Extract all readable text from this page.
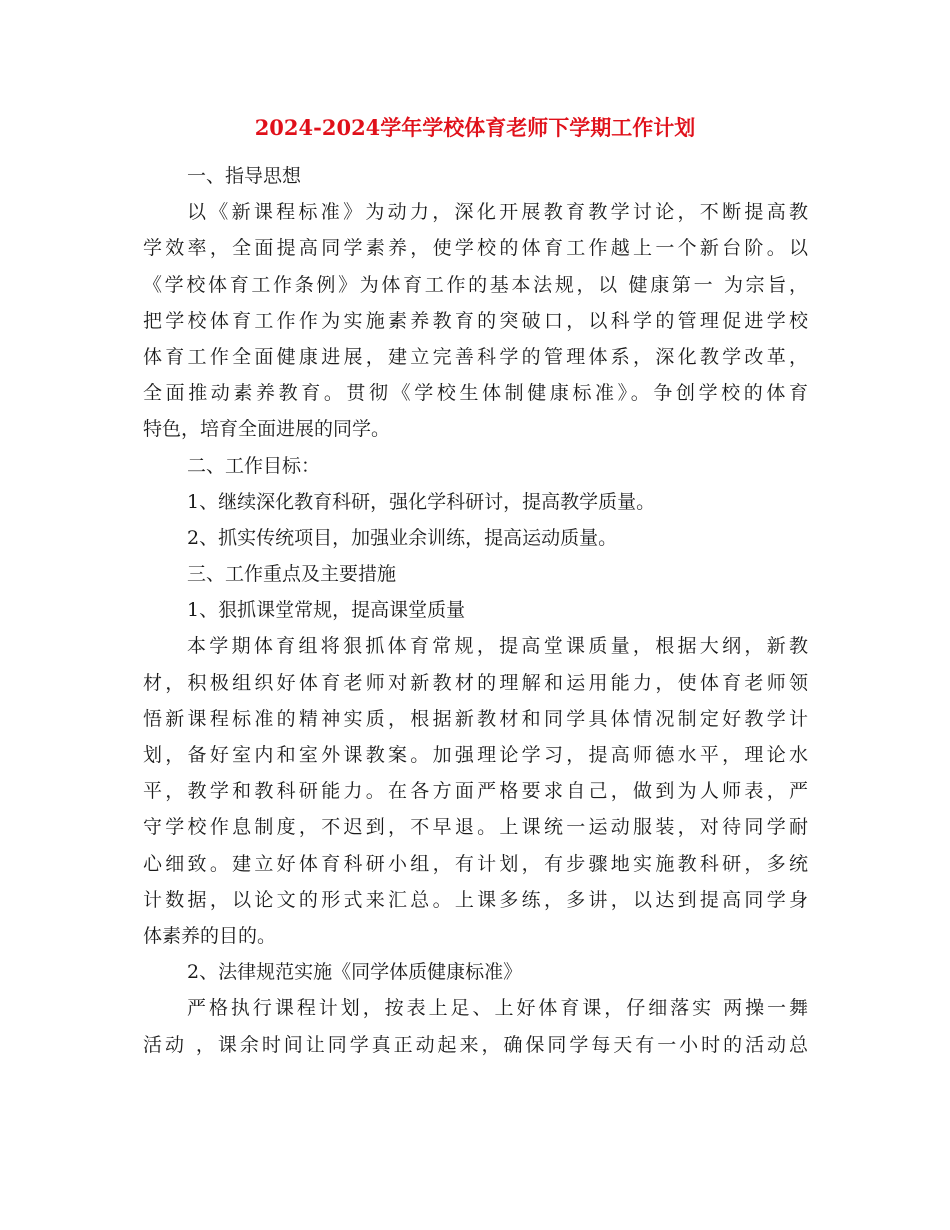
2024-2024学年学校体育老师下学期工作计划
一、指导思想
以《新课程标准》为动力，深化开展教育教学讨论，不断提高教
学效率，全面提高同学素养，使学校的体育工作越上一个新台阶。以
《学校体育工作条例》为体育工作的基本法规，以 健康第一 为宗旨，
把学校体育工作作为实施素养教育的突破口，以科学的管理促进学校
体育工作全面健康进展，建立完善科学的管理体系，深化教学改革，
全面推动素养教育。贯彻《学校生体制健康标准》。争创学校的体育
特色，培育全面进展的同学。
二、工作目标：
1、继续深化教育科研，强化学科研讨，提高教学质量。
2、抓实传统项目，加强业余训练，提高运动质量。
三、工作重点及主要措施
1、狠抓课堂常规，提高课堂质量
本学期体育组将狠抓体育常规，提高堂课质量，根据大纲，新教
材，积极组织好体育老师对新教材的理解和运用能力，使体育老师领
悟新课程标准的精神实质，根据新教材和同学具体情况制定好教学计
划，备好室内和室外课教案。加强理论学习，提高师德水平，理论水
平，教学和教科研能力。在各方面严格要求自己，做到为人师表，严
守学校作息制度，不迟到，不早退。上课统一运动服装，对待同学耐
心细致。建立好体育科研小组，有计划，有步骤地实施教科研，多统
计数据，以论文的形式来汇总。上课多练，多讲，以达到提高同学身
体素养的目的。
2、法律规范实施《同学体质健康标准》
严格执行课程计划，按表上足、上好体育课，仔细落实 两操一舞
活动 ，课余时间让同学真正动起来，确保同学每天有一小时的活动总
